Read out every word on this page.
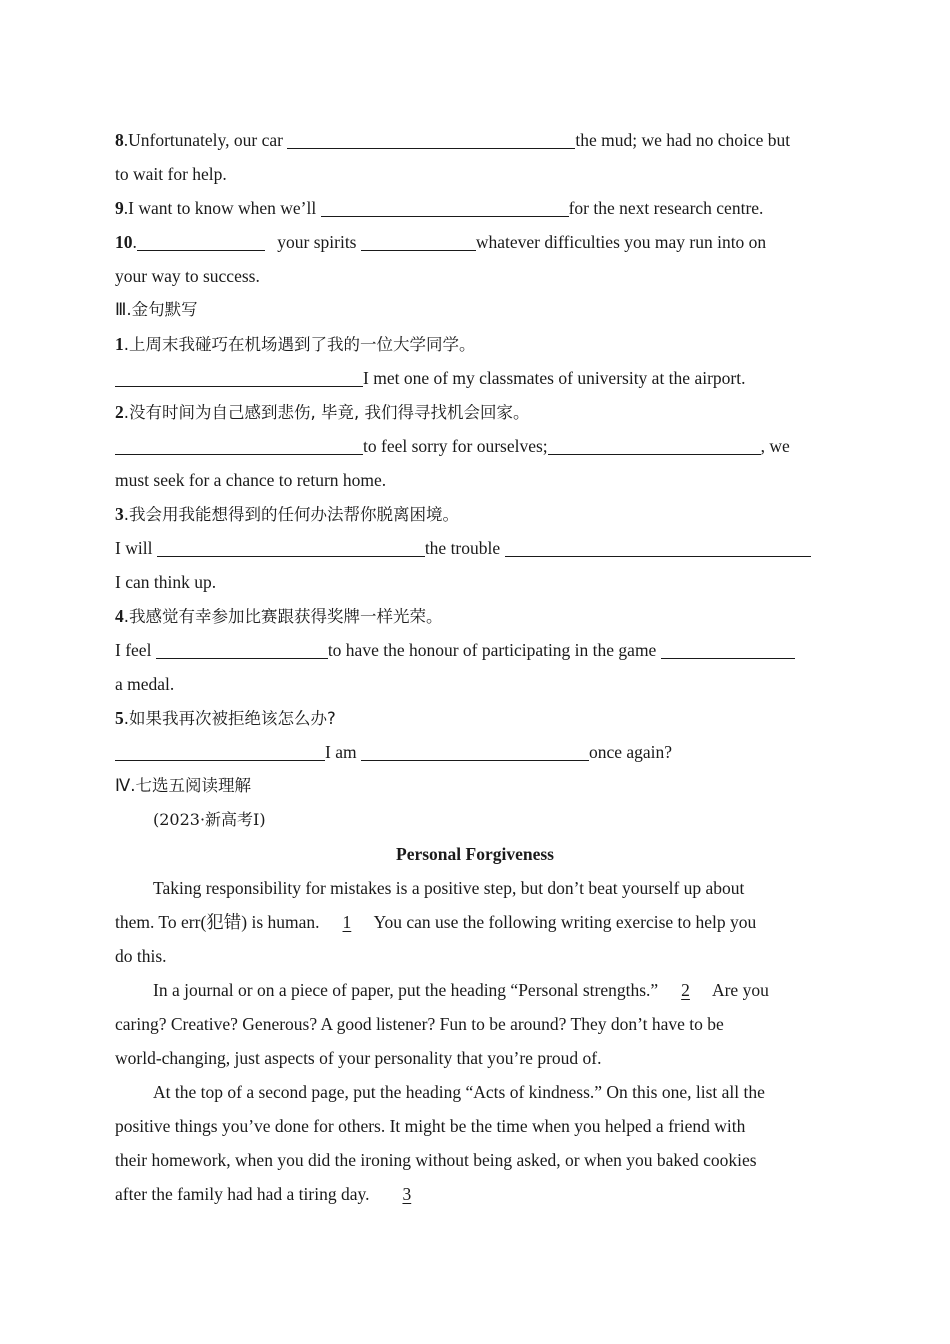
8.Unfortunately, our car	the mud; we had no choice but
to wait for help.
9.I want to know when we’ll	for the next research centre.
10.	your spirits	whatever difficulties you may run into on
your way to success.
Ⅲ.金句默写
1.上周末我碰巧在机场遇到了我的一位大学同学。
I met one of my classmates of university at the airport.
2.没有时间为自己感到悲伤, 毕竟, 我们得寻找机会回家。
to feel sorry for ourselves;	, we
must seek for a chance to return home.
3.我会用我能想得到的任何办法帮你脱离困境。
I will	the trouble
I can think up.
4.我感觉有幸参加比赛跟获得奖牌一样光荣。
I feel	to have the honour of participating in the game
a medal.
5.如果我再次被拒绝该怎么办?
I am	once again?
Ⅳ.七选五阅读理解
(2023·新高考Ⅰ)
Personal Forgiveness
Taking responsibility for mistakes is a positive step, but don’t beat yourself up about
them. To err(犯错) is human. 1 You can use the following writing exercise to help you
do this.
In a journal or on a piece of paper, put the heading “Personal strengths.” 2 Are you
caring? Creative? Generous? A good listener? Fun to be around? They don’t have to be
world-changing, just aspects of your personality that you’re proud of.
At the top of a second page, put the heading “Acts of kindness.” On this one, list all the
positive things you’ve done for others. It might be the time when you helped a friend with
their homework, when you did the ironing without being asked, or when you baked cookies
after the family had had a tiring day. 3
